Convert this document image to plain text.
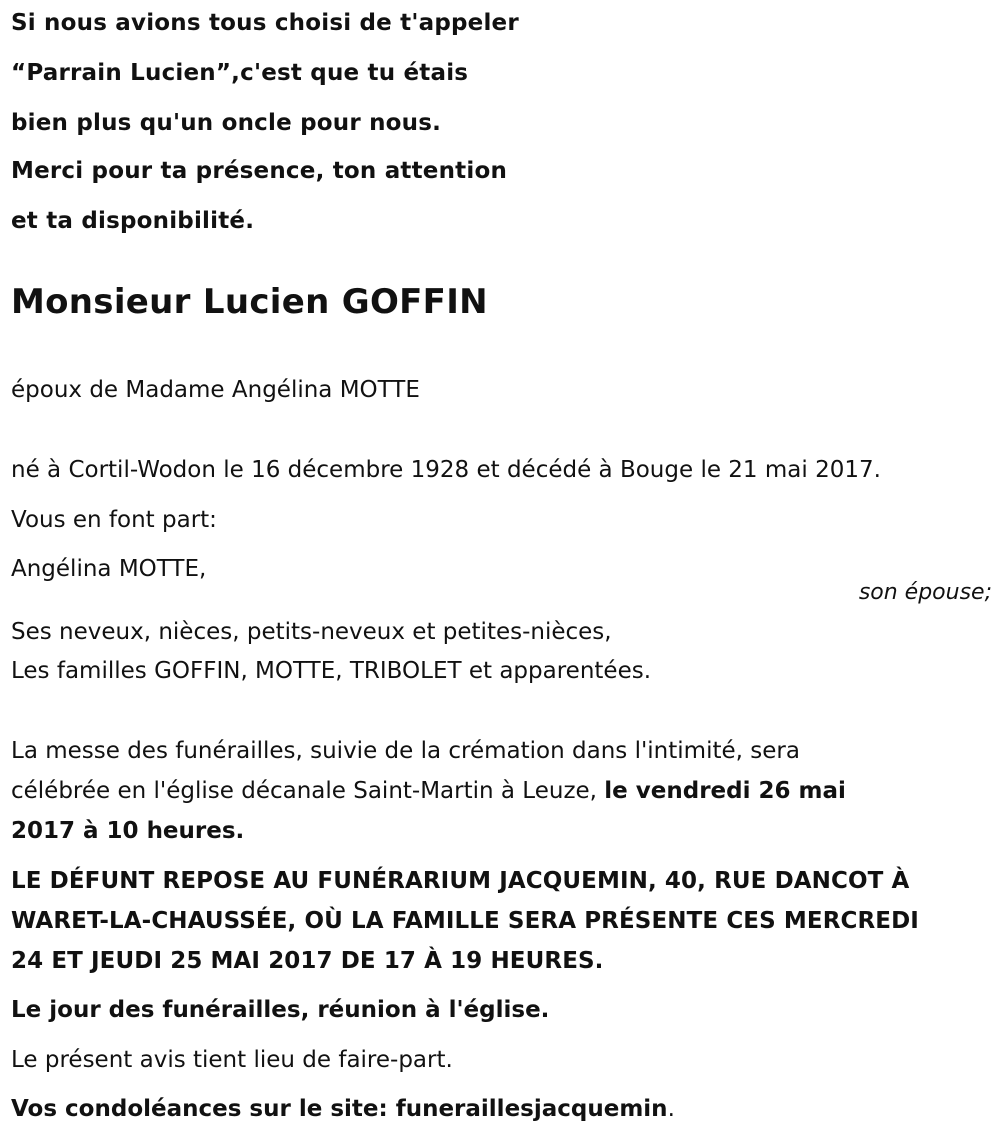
Si nous avions tous choisi de t'appeler
“Parrain Lucien”,c'est que tu étais
bien plus qu'un oncle pour nous.
Merci pour ta présence, ton attention
et ta disponibilité.
Monsieur Lucien GOFFIN
époux de Madame Angélina MOTTE
né à Cortil-Wodon le 16 décembre 1928 et décédé à Bouge le 21 mai 2017.
Vous en font part:
Angélina MOTTE,
son épouse;
Ses neveux, nièces, petits-neveux et petites-nièces,
Les familles GOFFIN, MOTTE, TRIBOLET et apparentées.
La messe des funérailles, suivie de la crémation dans l'intimité, sera
célébrée en l'église décanale Saint-Martin à Leuze, le vendredi 26 mai
2017 à 10 heures.
LE DÉFUNT REPOSE AU FUNÉRARIUM JACQUEMIN, 40, RUE DANCOT À
WARET-LA-CHAUSSÉE, OÙ LA FAMILLE SERA PRÉSENTE CES MERCREDI
24 ET JEUDI 25 MAI 2017 DE 17 À 19 HEURES.
Le jour des funérailles, réunion à l'église.
Le présent avis tient lieu de faire-part.
Vos condoléances sur le site: funeraillesjacquemin.
